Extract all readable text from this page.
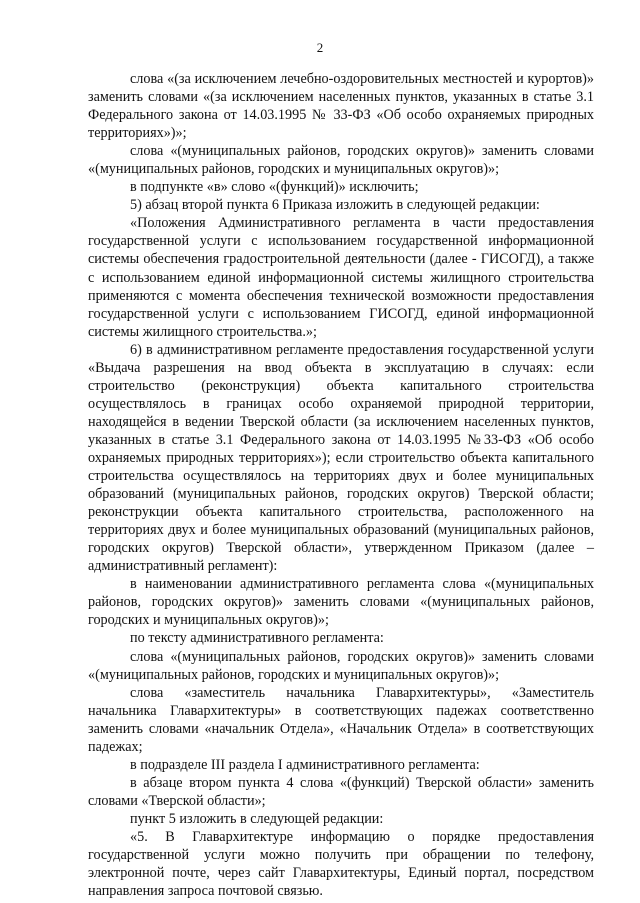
2

слова «(за исключением лечебно-оздоровительных местностей и курортов)» заменить словами «(за исключением населенных пунктов, указанных в статье 3.1 Федерального закона от 14.03.1995 № 33-ФЗ «Об особо охраняемых природных территориях»)»;

слова «(муниципальных районов, городских округов)» заменить словами «(муниципальных районов, городских и муниципальных округов)»;

в подпункте «в» слово «(функций)» исключить;

5) абзац второй пункта 6 Приказа изложить в следующей редакции:

«Положения Административного регламента в части предоставления государственной услуги с использованием государственной информационной системы обеспечения градостроительной деятельности (далее - ГИСОГД), а также с использованием единой информационной системы жилищного строительства применяются с момента обеспечения технической возможности предоставления государственной услуги с использованием ГИСОГД, единой информационной системы жилищного строительства.»;

6) в административном регламенте предоставления государственной услуги «Выдача разрешения на ввод объекта в эксплуатацию в случаях: если строительство (реконструкция) объекта капитального строительства осуществлялось в границах особо охраняемой природной территории, находящейся в ведении Тверской области (за исключением населенных пунктов, указанных в статье 3.1 Федерального закона от 14.03.1995 №33-ФЗ «Об особо охраняемых природных территориях»); если строительство объекта капитального строительства осуществлялось на территориях двух и более муниципальных образований (муниципальных районов, городских округов) Тверской области; реконструкции объекта капитального строительства, расположенного на территориях двух и более муниципальных образований (муниципальных районов, городских округов) Тверской области», утвержденном Приказом (далее – административный регламент):

в наименовании административного регламента слова «(муниципальных районов, городских округов)» заменить словами «(муниципальных районов, городских и муниципальных округов)»;

по тексту административного регламента:

слова «(муниципальных районов, городских округов)» заменить словами «(муниципальных районов, городских и муниципальных округов)»;

слова «заместитель начальника Главархитектуры», «Заместитель начальника Главархитектуры» в соответствующих падежах соответственно заменить словами «начальник Отдела», «Начальник Отдела» в соответствующих падежах;

в подразделе III раздела I административного регламента:

в абзаце втором пункта 4 слова «(функций) Тверской области» заменить словами «Тверской области»;

пункт 5 изложить в следующей редакции:

«5. В Главархитектуре информацию о порядке предоставления государственной услуги можно получить при обращении по телефону, электронной почте, через сайт Главархитектуры, Единый портал, посредством направления запроса почтовой связью.
